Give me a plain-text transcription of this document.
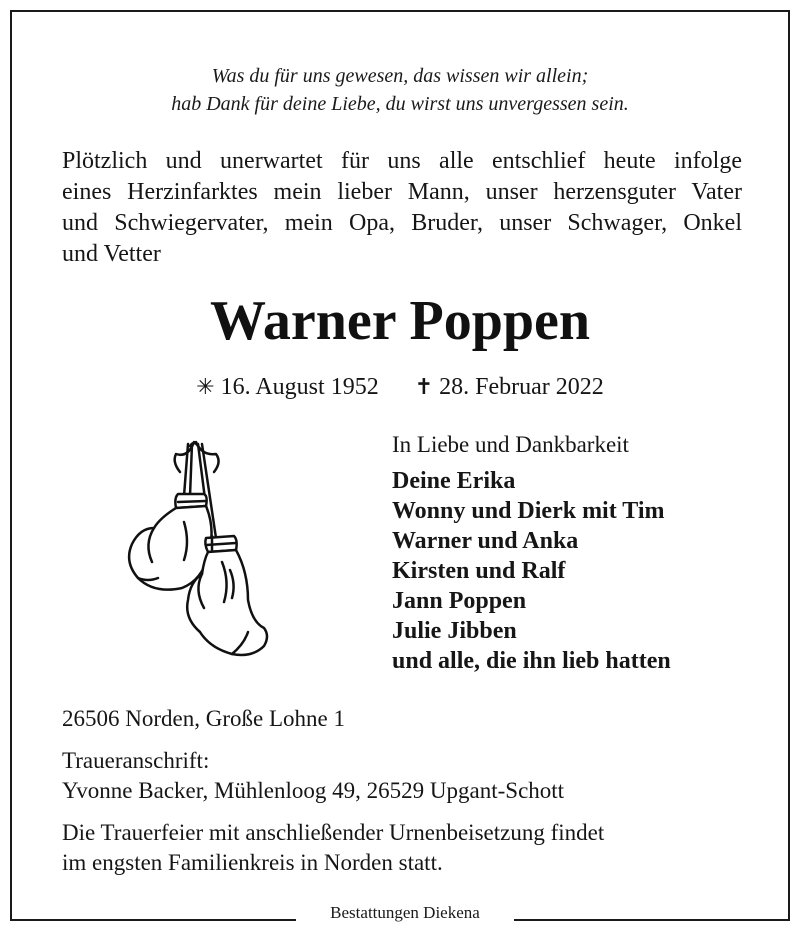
Bestattungen Diekena
Was du für uns gewesen, das wissen wir allein;
hab Dank für deine Liebe, du wirst uns unvergessen sein.
Plötzlich und unerwartet für uns alle entschlief heute infolge
eines Herzinfarktes mein lieber Mann, unser herzensguter Vater
und Schwiegervater, mein Opa, Bruder, unser Schwager, Onkel
und Vetter
Warner Poppen
✳ 16. August 1952 ✝ 28. Februar 2022
In Liebe und Dankbarkeit
Deine Erika
Wonny und Dierk mit Tim
Warner und Anka
Kirsten und Ralf
Jann Poppen
Julie Jibben
und alle, die ihn lieb hatten
26506 Norden, Große Lohne 1
Traueranschrift:
Yvonne Backer, Mühlenloog 49, 26529 Upgant-Schott
Die Trauerfeier mit anschließender Urnenbeisetzung findet
im engsten Familienkreis in Norden statt.
